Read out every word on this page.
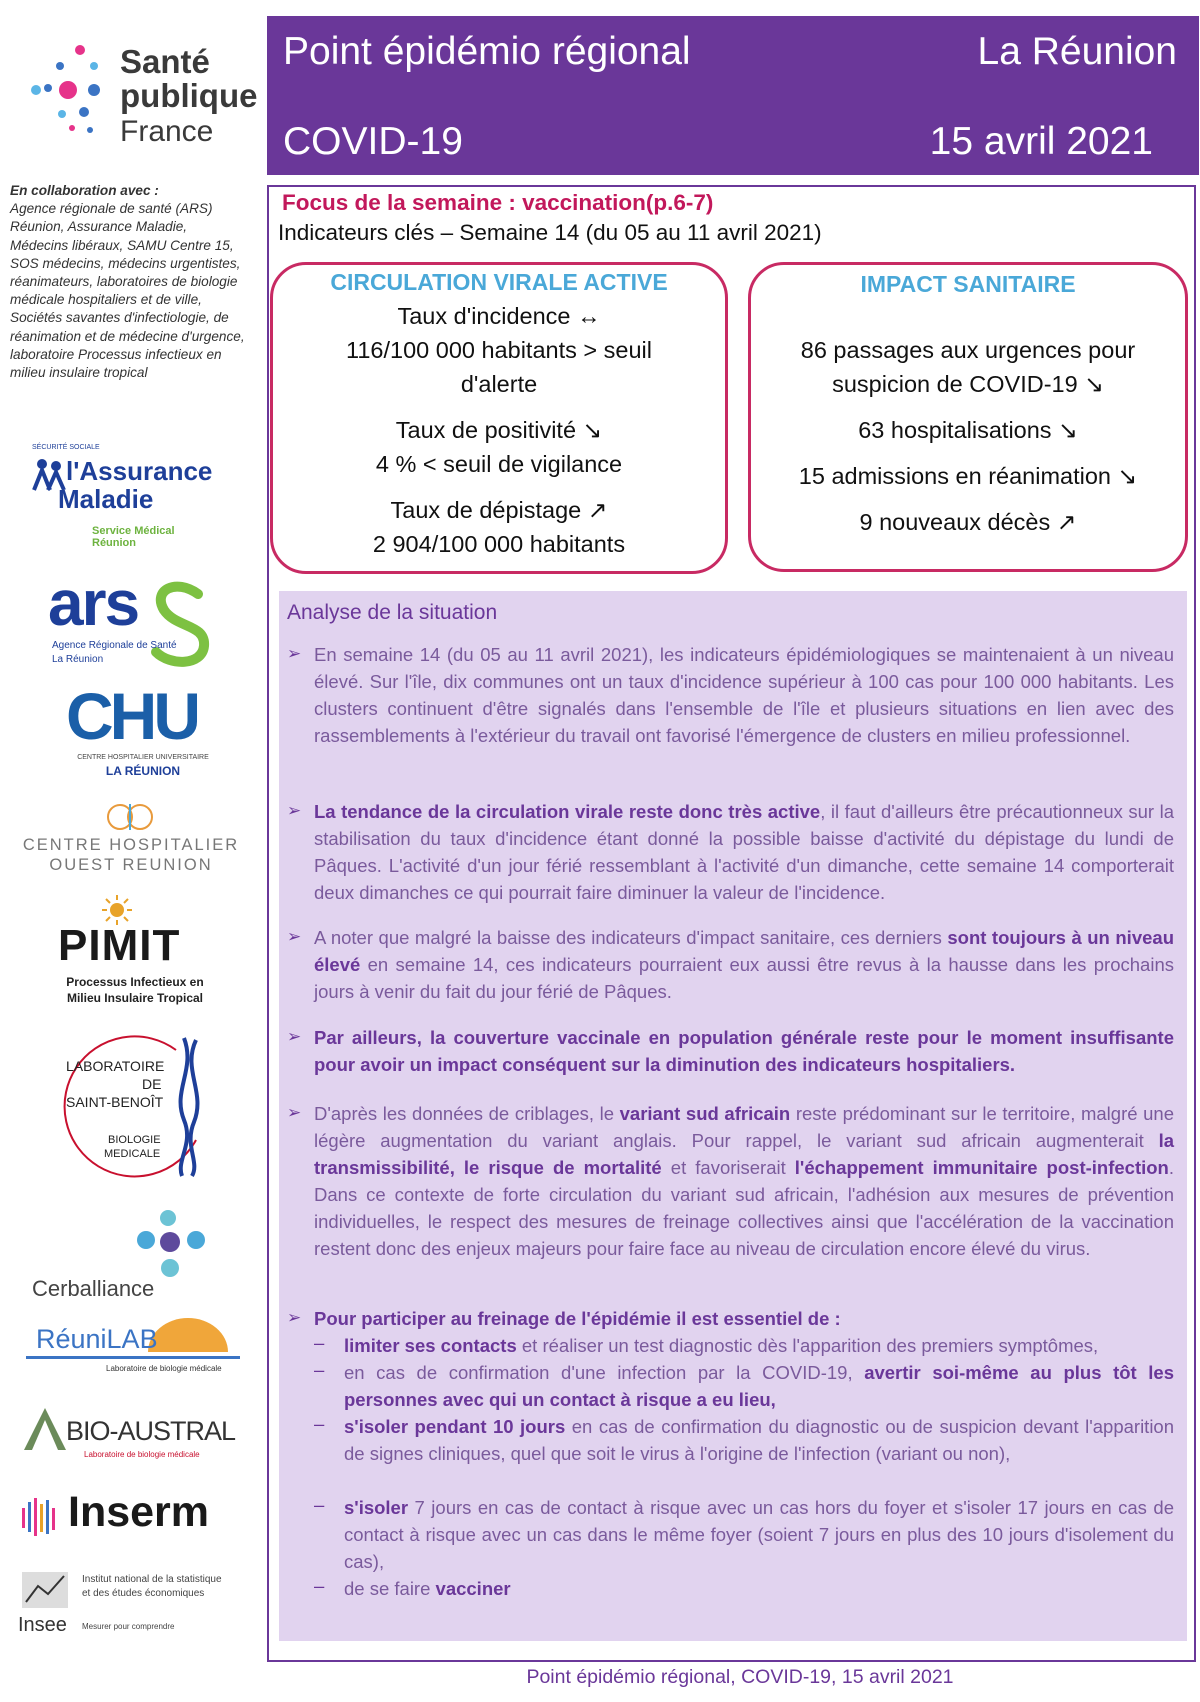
Santé
publique
France
En collaboration avec :
Agence régionale de santé (ARS) Réunion, Assurance Maladie, Médecins libéraux, SAMU Centre 15, SOS médecins, médecins urgentistes, réanimateurs, laboratoires de biologie médicale hospitaliers et de ville, Sociétés savantes d'infectiologie, de réanimation et de médecine d'urgence, laboratoire Processus infectieux en milieu insulaire tropical
SÉCURITÉ SOCIALE
l'Assurance
Maladie
Service Médical
Réunion
ars
Agence Régionale de Santé
La Réunion
CHU
CENTRE HOSPITALIER UNIVERSITAIRE
LA RÉUNION
CENTRE HOSPITALIER
OUEST REUNION
PIMIT
Processus Infectieux en
Milieu Insulaire Tropical
LABORATOIRE
DE
SAINT-BENOÎT
BIOLOGIE
MEDICALE
Cerballiance
RéuniLAB
Laboratoire de biologie médicale
BIO-AUSTRAL
Laboratoire de biologie médicale
Inserm
Institut national de la statistique
et des études économiques
Insee Mesurer pour comprendre
Point épidémio régional	La Réunion
COVID-19	15 avril 2021
Focus de la semaine : vaccination(p.6-7)
Indicateurs clés – Semaine 14 (du 05 au 11 avril 2021)
CIRCULATION VIRALE ACTIVE
Taux d'incidence ↔
116/100 000 habitants > seuil
d'alerte
Taux de positivité ↘
4 % < seuil de vigilance
Taux de dépistage ↗
2 904/100 000 habitants
IMPACT SANITAIRE
86 passages aux urgences pour
suspicion de COVID-19 ↘
63 hospitalisations ↘
15 admissions en réanimation ↘
9 nouveaux décès ↗
Analyse de la situation
➢ En semaine 14 (du 05 au 11 avril 2021), les indicateurs épidémiologiques se maintenaient à un niveau élevé. Sur l'île, dix communes ont un taux d'incidence supérieur à 100 cas pour 100 000 habitants. Les clusters continuent d'être signalés dans l'ensemble de l'île et plusieurs situations en lien avec des rassemblements à l'extérieur du travail ont favorisé l'émergence de clusters en milieu professionnel.
➢ La tendance de la circulation virale reste donc très active, il faut d'ailleurs être précautionneux sur la stabilisation du taux d'incidence étant donné la possible baisse d'activité du dépistage du lundi de Pâques. L'activité d'un jour férié ressemblant à l'activité d'un dimanche, cette semaine 14 comporterait deux dimanches ce qui pourrait faire diminuer la valeur de l'incidence.
➢ A noter que malgré la baisse des indicateurs d'impact sanitaire, ces derniers sont toujours à un niveau élevé en semaine 14, ces indicateurs pourraient eux aussi être revus à la hausse dans les prochains jours à venir du fait du jour férié de Pâques.
➢ Par ailleurs, la couverture vaccinale en population générale reste pour le moment insuffisante pour avoir un impact conséquent sur la diminution des indicateurs hospitaliers.
➢ D'après les données de criblages, le variant sud africain reste prédominant sur le territoire, malgré une légère augmentation du variant anglais. Pour rappel, le variant sud africain augmenterait la transmissibilité, le risque de mortalité et favoriserait l'échappement immunitaire post-infection. Dans ce contexte de forte circulation du variant sud africain, l'adhésion aux mesures de prévention individuelles, le respect des mesures de freinage collectives ainsi que l'accélération de la vaccination restent donc des enjeux majeurs pour faire face au niveau de circulation encore élevé du virus.
➢ Pour participer au freinage de l'épidémie il est essentiel de :
– limiter ses contacts et réaliser un test diagnostic dès l'apparition des premiers symptômes,
– en cas de confirmation d'une infection par la COVID-19, avertir soi-même au plus tôt les personnes avec qui un contact à risque a eu lieu,
– s'isoler pendant 10 jours en cas de confirmation du diagnostic ou de suspicion devant l'apparition de signes cliniques, quel que soit le virus à l'origine de l'infection (variant ou non),
– s'isoler 7 jours en cas de contact à risque avec un cas hors du foyer et s'isoler 17 jours en cas de contact à risque avec un cas dans le même foyer (soient 7 jours en plus des 10 jours d'isolement du cas),
– de se faire vacciner
Point épidémio régional, COVID-19, 15 avril 2021
